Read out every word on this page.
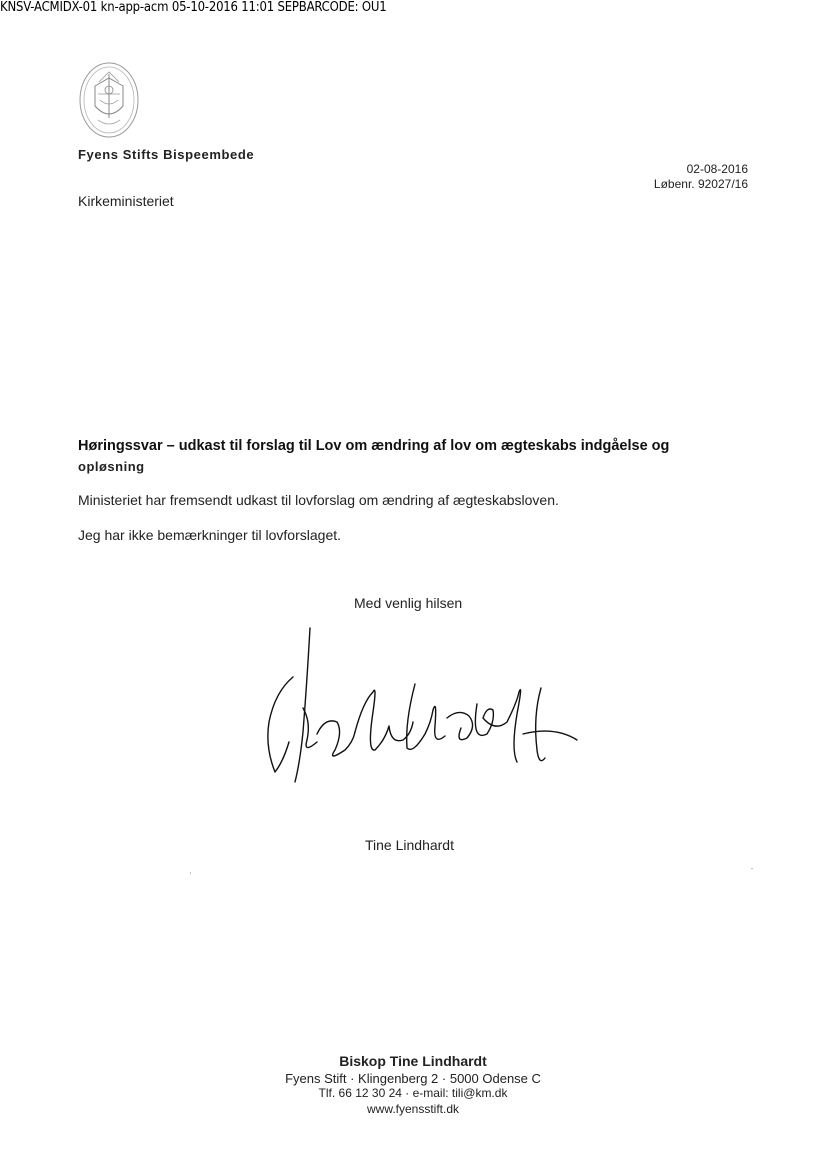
KNSV-ACMIDX-01 kn-app-acm 05-10-2016 11:01 SEPBARCODE: OU1
Fyens Stifts Bispeembede
02-08-2016
Løbenr. 92027/16
Kirkeministeriet
Høringssvar – udkast til forslag til Lov om ændring af lov om ægteskabs indgåelse og
opløsning
Ministeriet har fremsendt udkast til lovforslag om ændring af ægteskabsloven.
Jeg har ikke bemærkninger til lovforslaget.
Med venlig hilsen
Tine Lindhardt
Biskop Tine Lindhardt
Fyens Stift · Klingenberg 2 · 5000 Odense C
Tlf. 66 12 30 24 · e-mail: tili@km.dk
www.fyensstift.dk
